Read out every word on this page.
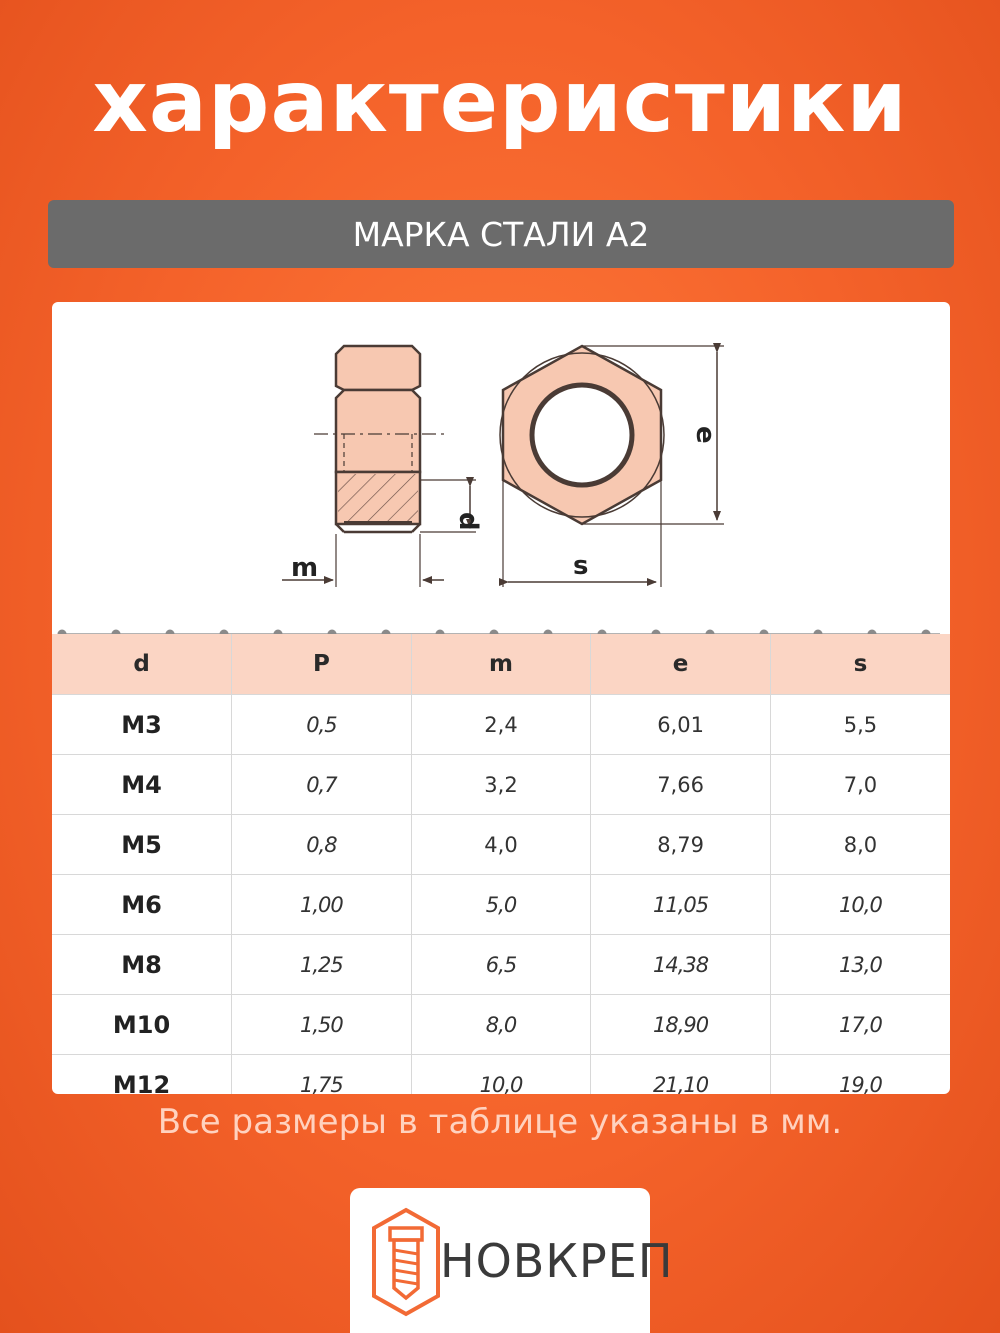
характеристики
МАРКА СТАЛИ А2
m
d
s
e
d	P	m	e	s
M3	0,5	2,4	6,01	5,5
M4	0,7	3,2	7,66	7,0
M5	0,8	4,0	8,79	8,0
M6	1,00	5,0	11,05	10,0
M8	1,25	6,5	14,38	13,0
M10	1,50	8,0	18,90	17,0
M12	1,75	10,0	21,10	19,0
Все размеры в таблице указаны в мм.
НОВКРЕП
